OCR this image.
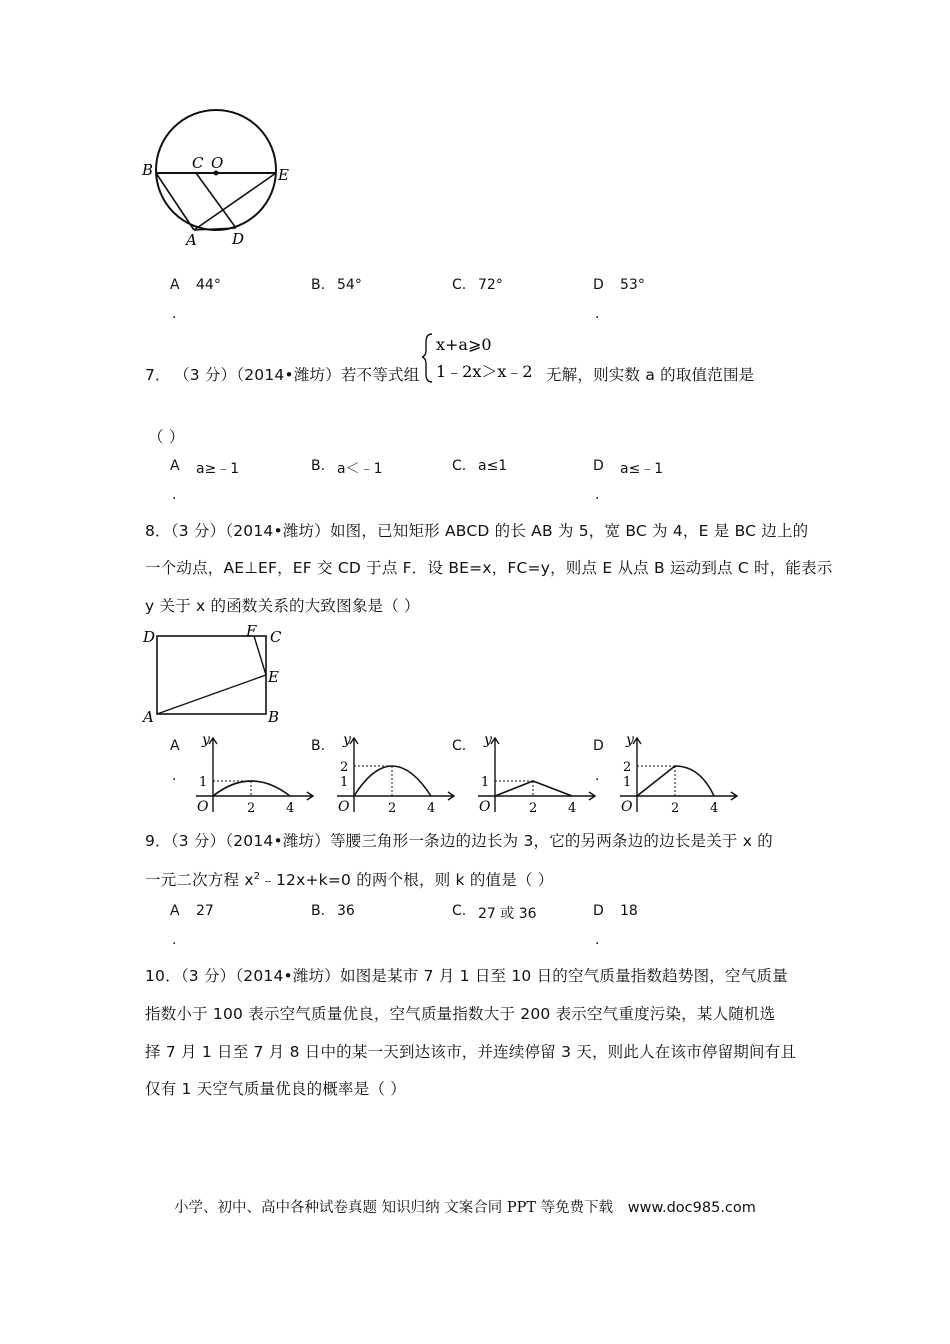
B	C O
E
A D
A 44°	B. 54°	C. 72°	D 53°
.	.
7． （3 分）（2014•潍坊）若不等式组
x+a⩾0
1﹣2x＞x﹣2 无解，则实数 a 的取值范围是
（ ）
A a≥﹣1	B. a＜﹣1	C. a≤1	D a≤﹣1
.	.
8．（3 分）（2014•潍坊）如图，已知矩形 ABCD 的长 AB 为 5，宽 BC 为 4，E 是 BC 边上的
一个动点，AE⊥EF，EF 交 CD 于点 F．设 BE=x，FC=y，则点 E 从点 B 运动到点 C 时，能表示
y 关于 x 的函数关系的大致图象是（ ）
D	F C
E
A	B
A
.
B.	C.	D
.
y
1
O	2 4
y
2
1
O	2 4
y
1
O	2 4
y
2
1
O	2 4
9．（3 分）（2014•潍坊）等腰三角形一条边的边长为 3，它的另两条边的边长是关于 x 的
一元二次方程 $x^2﹣12x+k=0$ 的两个根，则 k 的值是（ ）
A 27	B. 36	C. 27 或 36	D 18
.	.
10．（3 分）（2014•潍坊）如图是某市 7 月 1 日至 10 日的空气质量指数趋势图，空气质量
指数小于 100 表示空气质量优良，空气质量指数大于 200 表示空气重度污染，某人随机选
择 7 月 1 日至 7 月 8 日中的某一天到达该市，并连续停留 3 天，则此人在该市停留期间有且
仅有 1 天空气质量优良的概率是（ ）
小学、初中、高中各种试卷真题 知识归纳 文案合同 PPT 等免费下载 www.doc985.com
